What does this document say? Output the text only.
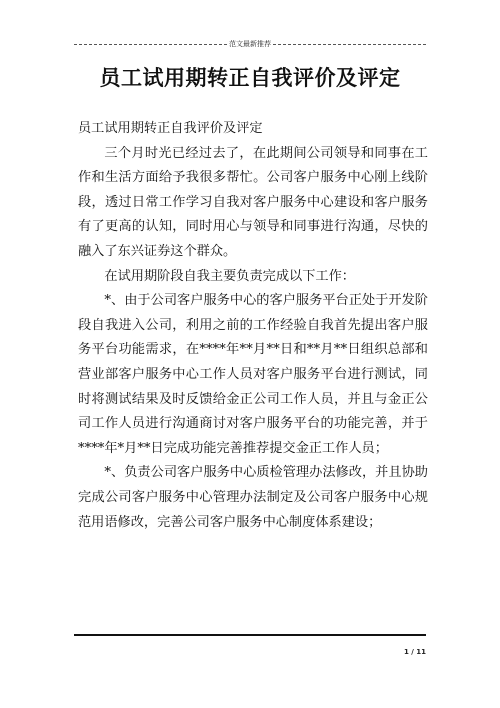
范文最新推荐
员工试用期转正自我评价及评定

员工试用期转正自我评价及评定

三个月时光已经过去了，在此期间公司领导和同事在工作和生活方面给予我很多帮忙。公司客户服务中心刚上线阶段，透过日常工作学习自我对客户服务中心建设和客户服务有了更高的认知，同时用心与领导和同事进行沟通，尽快的融入了东兴证券这个群众。

在试用期阶段自我主要负责完成以下工作：

*、由于公司客户服务中心的客户服务平台正处于开发阶段自我进入公司，利用之前的工作经验自我首先提出客户服务平台功能需求，在****年**月**日和**月**日组织总部和营业部客户服务中心工作人员对客户服务平台进行测试，同时将测试结果及时反馈给金正公司工作人员，并且与金正公司工作人员进行沟通商讨对客户服务平台的功能完善，并于****年*月**日完成功能完善推荐提交金正工作人员；

*、负责公司客户服务中心质检管理办法修改，并且协助完成公司客户服务中心管理办法制定及公司客户服务中心规范用语修改，完善公司客户服务中心制度体系建设；

1 / 11
